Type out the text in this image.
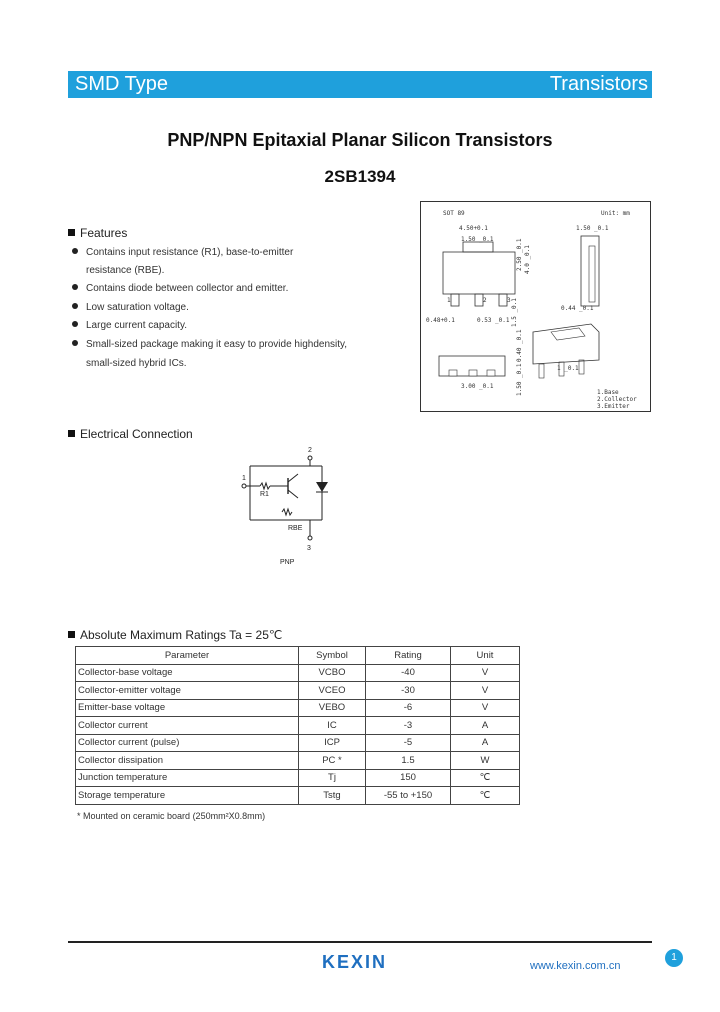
SMD Type	Transistors
PNP/NPN Epitaxial Planar Silicon Transistors
2SB1394
Features
Contains input resistance (R1), base-to-emitter
resistance (RBE).
Contains diode between collector and emitter.
Low saturation voltage.
Large current capacity.
Small-sized package making it easy to provide highdensity,
small-sized hybrid ICs.
SOT 89	Unit: mm
1	2	3
4.50+0.1
1.50 _0.1
1.50 _0.1
2.50 _0.1 4.0 _0.1
0.48+0.1	0.53 _0.1
0.44 _0.1
1.5 _0.1
0.40 _0.1
3.00 _0.1	1.50 _0.1	1 _0.1
1.Base
2.Collector
3.Emitter
Electrical Connection
2
1
R1
RBE
3
PNP
Absolute Maximum Ratings Ta = 25℃
Parameter	Symbol	Rating	Unit
Collector-base voltage	VCBO	-40	V
Collector-emitter voltage	VCEO	-30	V
Emitter-base voltage	VEBO	-6	V
Collector current	IC	-3	A
Collector current (pulse)	ICP	-5	A
Collector dissipation	PC *	1.5	W
Junction temperature	Tj	150	℃
Storage temperature	Tstg	-55 to +150	℃
* Mounted on ceramic board (250mm²X0.8mm)
KEXIN	www.kexin.com.cn
1
